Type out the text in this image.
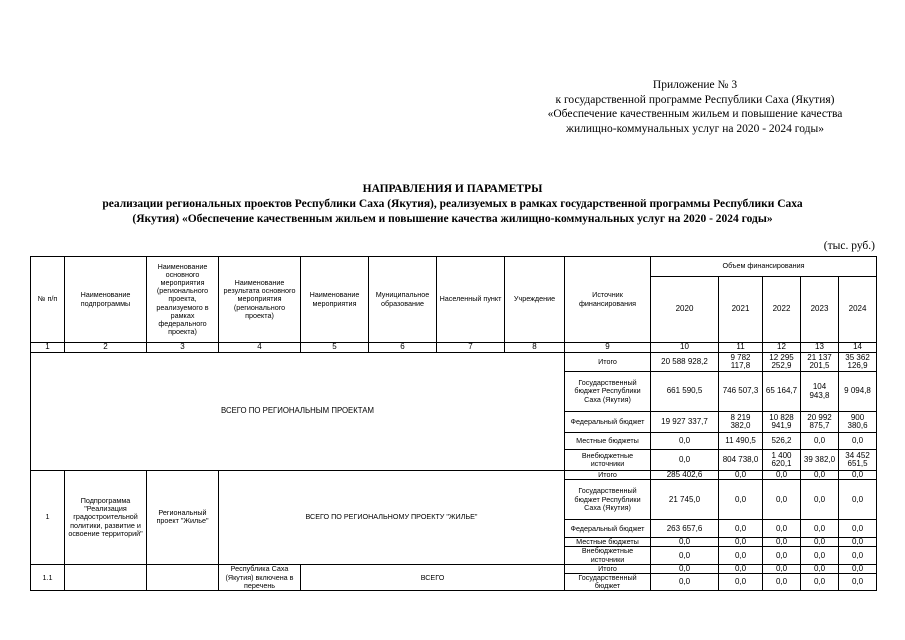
Приложение № 3
к государственной программе Республики Саха (Якутия)
«Обеспечение качественным жильем и повышение качества
жилищно-коммунальных услуг на 2020 - 2024 годы»
НАПРАВЛЕНИЯ И ПАРАМЕТРЫ
реализации региональных проектов Республики Саха (Якутия), реализуемых в рамках государственной программы Республики Саха
(Якутия) «Обеспечение качественным жильем и повышение качества жилищно-коммунальных услуг на 2020 - 2024 годы»
(тыс. руб.)
№ п/п	Наименование подпрограммы	Наименование основного мероприятия (регионального проекта, реализуемого в рамках федерального проекта)	Наименование результата основного мероприятия (регионального проекта)	Наименование мероприятия	Муниципальное образование	Населенный пункт	Учреждение	Источник финансирования	Объем финансирования				
									2020	2021	2022	2023	2024
1	2	3	4	5	6	7	8	9	10	11	12	13	14
ВСЕГО ПО РЕГИОНАЛЬНЫМ ПРОЕКТАМ								Итого	20 588 928,2	9 782 117,8	12 295 252,9	21 137 201,5	35 362 126,9
								Государственный бюджет Республики Саха (Якутия)	661 590,5	746 507,3	65 164,7	104 943,8	9 094,8
								Федеральный бюджет	19 927 337,7	8 219 382,0	10 828 941,9	20 992 875,7	900 380,6
								Местные бюджеты	0,0	11 490,5	526,2	0,0	0,0
								Внебюджетные источники	0,0	804 738,0	1 400 620,1	39 382,0	34 452 651,5
1	Подпрограмма "Реализация градостроительной политики, развитие и освоение территорий"	Региональный проект "Жилье"	ВСЕГО ПО РЕГИОНАЛЬНОМУ ПРОЕКТУ "ЖИЛЬЕ"					Итого	285 402,6	0,0	0,0	0,0	0,0
								Государственный бюджет Республики Саха (Якутия)	21 745,0	0,0	0,0	0,0	0,0
								Федеральный бюджет	263 657,6	0,0	0,0	0,0	0,0
								Местные бюджеты	0,0	0,0	0,0	0,0	0,0
								Внебюджетные источники	0,0	0,0	0,0	0,0	0,0
1.1			Республика Саха (Якутия) включена в перечень	ВСЕГО				Итого	0,0	0,0	0,0	0,0	0,0
								Государственный бюджет	0,0	0,0	0,0	0,0	0,0
